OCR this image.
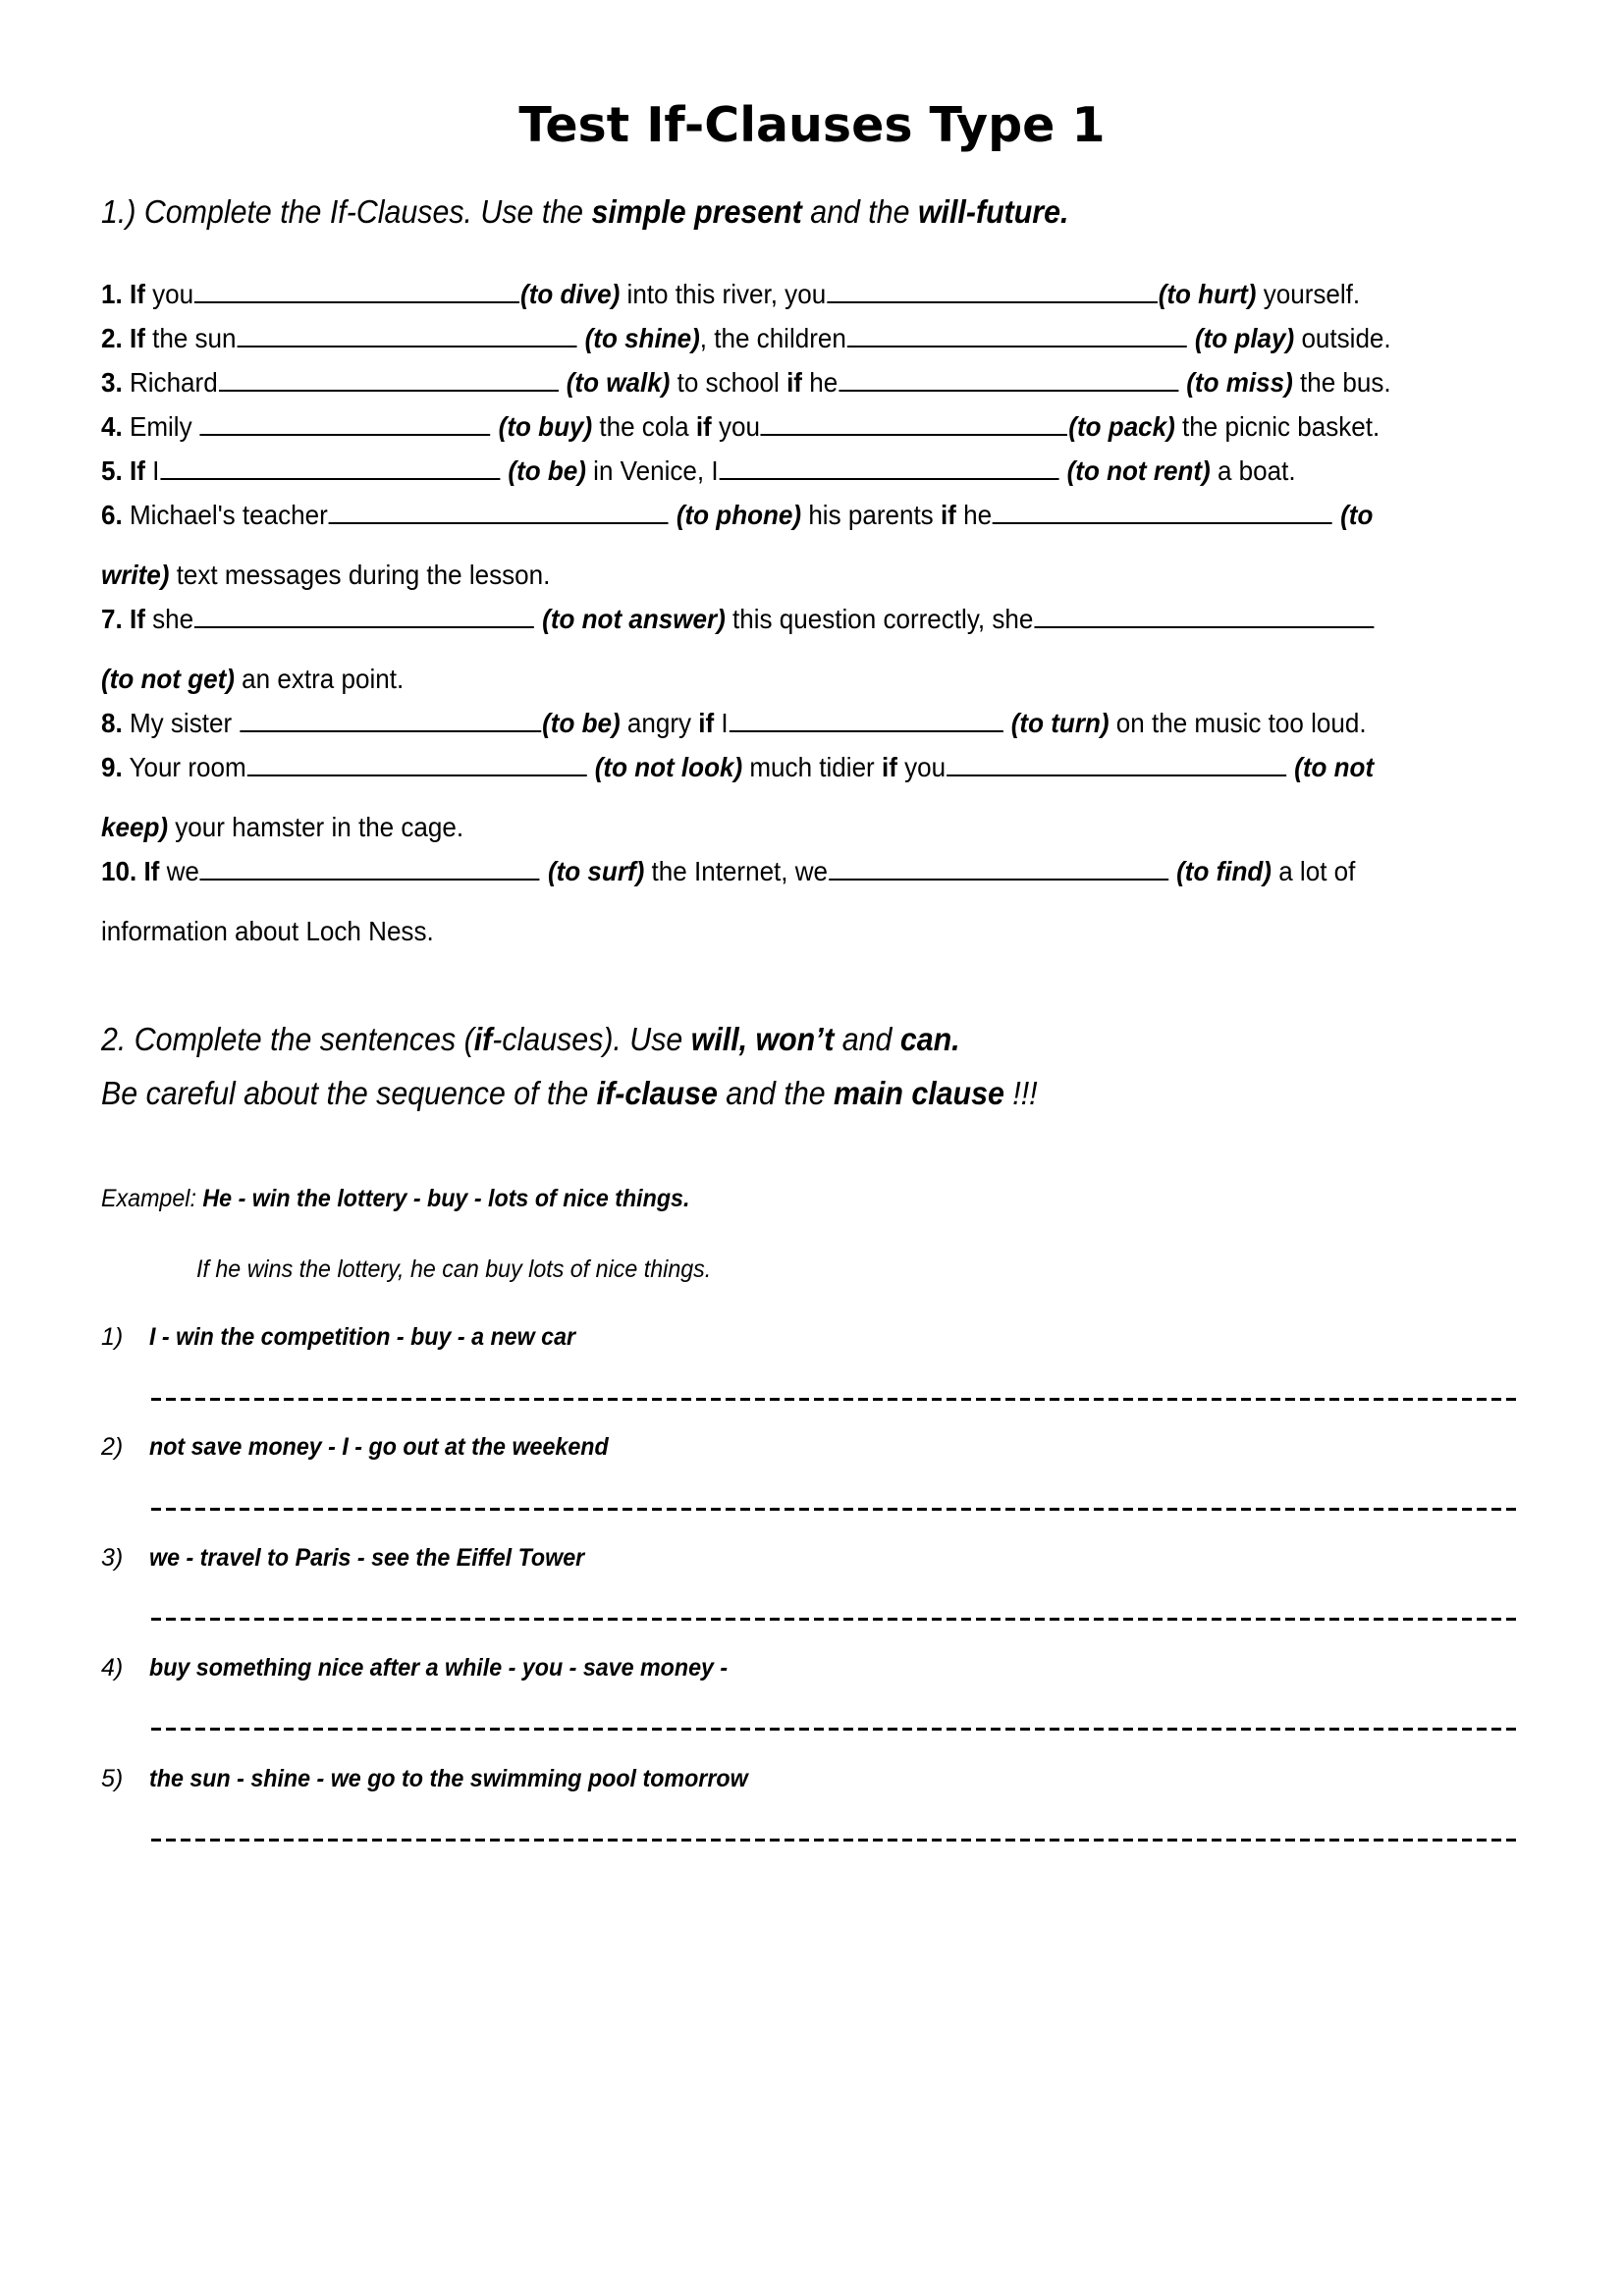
Test If-Clauses Type 1
1.) Complete the If-Clauses. Use the simple present and the will-future.
1. If you	(to dive) into this river, you	(to hurt) yourself.
2. If the sun	(to shine), the children	(to play) outside.
3. Richard	(to walk) to school if he	(to miss) the bus.
4. Emily	(to buy) the cola if you	(to pack) the picnic basket.
5. If I	(to be) in Venice, I	(to not rent) a boat.
6. Michael's teacher	(to phone) his parents if he	(to
write) text messages during the lesson.
7. If she	(to not answer) this question correctly, she
(to not get) an extra point.
8. My sister	(to be) angry if I	(to turn) on the music too loud.
9. Your room	(to not look) much tidier if you	(to not
keep) your hamster in the cage.
10. If we	(to surf) the Internet, we	(to find) a lot of
information about Loch Ness.
2. Complete the sentences (if-clauses). Use will, won’t and can.
Be careful about the sequence of the if-clause and the main clause !!!
Exampel: He - win the lottery - buy - lots of nice things.
If he wins the lottery, he can buy lots of nice things.
1) I - win the competition - buy - a new car
2) not save money - I - go out at the weekend
3) we - travel to Paris - see the Eiffel Tower
4) buy something nice after a while - you - save money -
5) the sun - shine - we go to the swimming pool tomorrow
